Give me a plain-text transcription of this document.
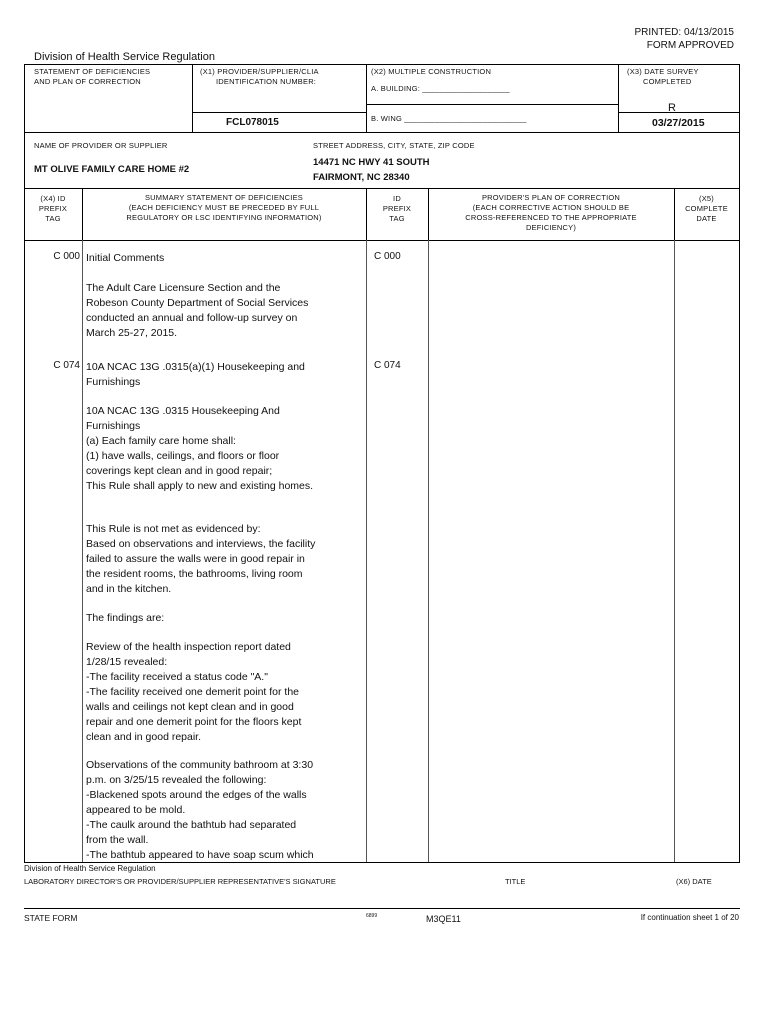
PRINTED: 04/13/2015
FORM APPROVED
Division of Health Service Regulation
STATEMENT OF DEFICIENCIES
AND PLAN OF CORRECTION
(X1) PROVIDER/SUPPLIER/CLIA
IDENTIFICATION NUMBER:
FCL078015
(X2) MULTIPLE CONSTRUCTION
A. BUILDING: ____________________
B. WING ____________________________
(X3) DATE SURVEY
COMPLETED
R
03/27/2015
NAME OF PROVIDER OR SUPPLIER
MT OLIVE FAMILY CARE HOME #2
STREET ADDRESS, CITY, STATE, ZIP CODE
14471 NC HWY 41 SOUTH
FAIRMONT, NC 28340
(X4) ID
PREFIX
TAG
SUMMARY STATEMENT OF DEFICIENCIES
(EACH DEFICIENCY MUST BE PRECEDED BY FULL
REGULATORY OR LSC IDENTIFYING INFORMATION)
ID
PREFIX
TAG
PROVIDER'S PLAN OF CORRECTION
(EACH CORRECTIVE ACTION SHOULD BE
CROSS-REFERENCED TO THE APPROPRIATE
DEFICIENCY)
(X5)
COMPLETE
DATE
C 000	C 000
Initial Comments
The Adult Care Licensure Section and the
Robeson County Department of Social Services
conducted an annual and follow-up survey on
March 25-27, 2015.
C 074	C 074
10A NCAC 13G .0315(a)(1) Housekeeping and
Furnishings
10A NCAC 13G .0315 Housekeeping And
Furnishings
(a) Each family care home shall:
(1) have walls, ceilings, and floors or floor
coverings kept clean and in good repair;
This Rule shall apply to new and existing homes.
This Rule is not met as evidenced by:
Based on observations and interviews, the facility
failed to assure the walls were in good repair in
the resident rooms, the bathrooms, living room
and in the kitchen.
The findings are:
Review of the health inspection report dated
1/28/15 revealed:
-The facility received a status code "A."
-The facility received one demerit point for the
walls and ceilings not kept clean and in good
repair and one demerit point for the floors kept
clean and in good repair.
Observations of the community bathroom at 3:30
p.m. on 3/25/15 revealed the following:
-Blackened spots around the edges of the walls
appeared to be mold.
-The caulk around the bathtub had separated
from the wall.
-The bathtub appeared to have soap scum which
Division of Health Service Regulation
LABORATORY DIRECTOR'S OR PROVIDER/SUPPLIER REPRESENTATIVE'S SIGNATURE	TITLE	(X6) DATE
STATE FORM	6899	M3QE11	If continuation sheet 1 of 20
